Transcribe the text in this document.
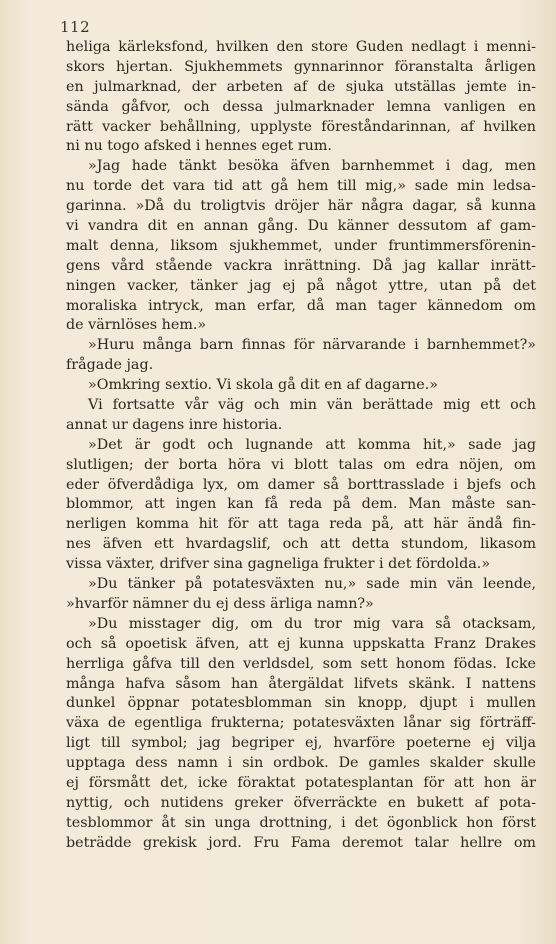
112
heliga kärleksfond, hvilken den store Guden nedlagt i menni-
skors hjertan. Sjukhemmets gynnarinnor föranstalta årligen
en julmarknad, der arbeten af de sjuka utställas jemte in-
sända gåfvor, och dessa julmarknader lemna vanligen en
rätt vacker behållning, upplyste föreståndarinnan, af hvilken
ni nu togo afsked i hennes eget rum.
»Jag hade tänkt besöka äfven barnhemmet i dag, men
nu torde det vara tid att gå hem till mig,» sade min ledsa-
garinna. »Då du troligtvis dröjer här några dagar, så kunna
vi vandra dit en annan gång. Du känner dessutom af gam-
malt denna, liksom sjukhemmet, under fruntimmersförenin-
gens vård stående vackra inrättning. Då jag kallar inrätt-
ningen vacker, tänker jag ej på något yttre, utan på det
moraliska intryck, man erfar, då man tager kännedom om
de värnlöses hem.»
»Huru många barn finnas för närvarande i barnhemmet?»
frågade jag.
»Omkring sextio. Vi skola gå dit en af dagarne.»
Vi fortsatte vår väg och min vän berättade mig ett och
annat ur dagens inre historia.
»Det är godt och lugnande att komma hit,» sade jag
slutligen; der borta höra vi blott talas om edra nöjen, om
eder öfverdådiga lyx, om damer så borttrasslade i bjefs och
blommor, att ingen kan få reda på dem. Man måste san-
nerligen komma hit för att taga reda på, att här ändå fin-
nes äfven ett hvardagslif, och att detta stundom, likasom
vissa växter, drifver sina gagneliga frukter i det fördolda.»
»Du tänker på potatesväxten nu,» sade min vän leende,
»hvarför nämner du ej dess ärliga namn?»
»Du misstager dig, om du tror mig vara så otacksam,
och så opoetisk äfven, att ej kunna uppskatta Franz Drakes
herrliga gåfva till den verldsdel, som sett honom födas. Icke
många hafva såsom han återgäldat lifvets skänk. I nattens
dunkel öppnar potatesblomman sin knopp, djupt i mullen
växa de egentliga frukterna; potatesväxten lånar sig förträff-
ligt till symbol; jag begriper ej, hvarföre poeterne ej vilja
upptaga dess namn i sin ordbok. De gamles skalder skulle
ej försmått det, icke föraktat potatesplantan för att hon är
nyttig, och nutidens greker öfverräckte en bukett af pota-
tesblommor åt sin unga drottning, i det ögonblick hon först
beträdde grekisk jord. Fru Fama deremot talar hellre om
